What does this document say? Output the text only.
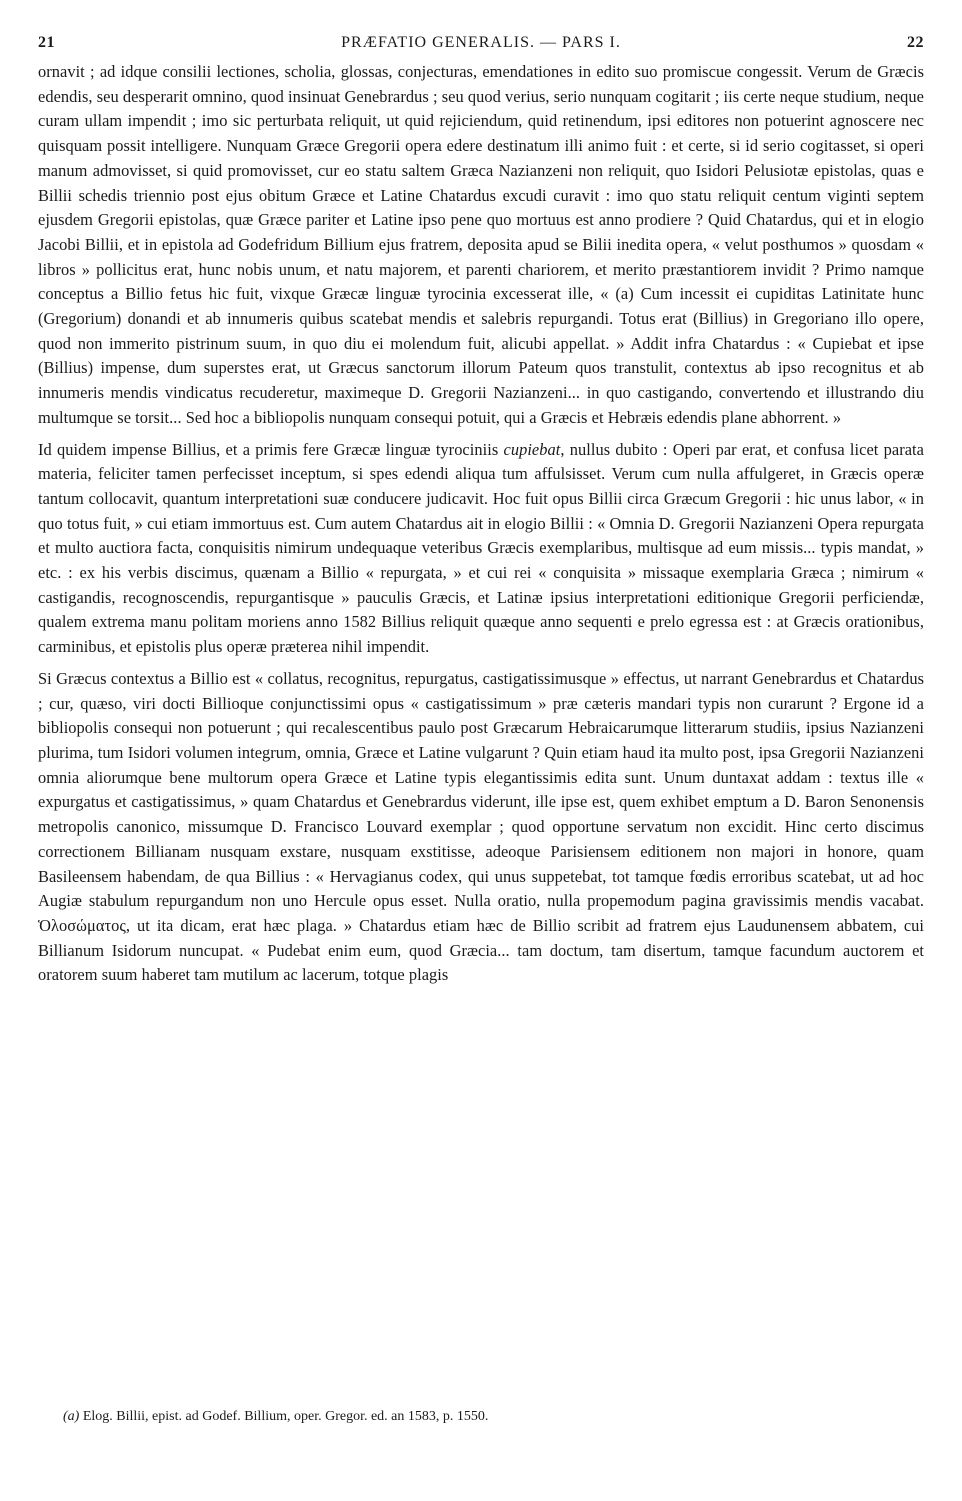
21	PRÆFATIO GENERALIS. — PARS I.	22

ornavit ; ad idque consilii lectiones, scholia, glossas, conjecturas, emendationes in edito suo promiscue congessit. Verum de Græcis edendis, seu desperarit omnino, quod insinuat Genebrardus ; seu quod verius, serio nunquam cogitarit ; iis certe neque studium, neque curam ullam impendit ; imo sic perturbata reliquit, ut quid rejiciendum, quid retinendum, ipsi editores non potuerint agnoscere nec quisquam possit intelligere. Nunquam Græce Gregorii opera edere destinatum illi animo fuit : et certe, si id serio cogitasset, si operi manum admovisset, si quid promovisset, cur eo statu saltem Græca Nazianzeni non reliquit, quo Isidori Pelusiotæ epistolas, quas e Billii schedis triennio post ejus obitum Græce et Latine Chatardus excudi curavit : imo quo statu reliquit centum viginti septem ejusdem Gregorii epistolas, quæ Græce pariter et Latine ipso pene quo mortuus est anno prodiere ? Quid Chatardus, qui et in elogio Jacobi Billii, et in epistola ad Godefridum Billium ejus fratrem, deposita apud se Bilii inedita opera, « velut posthumos » quosdam « libros » pollicitus erat, hunc nobis unum, et natu majorem, et parenti chariorem, et merito præstantiorem invidit ? Primo namque conceptus a Billio fetus hic fuit, vixque Græcæ linguæ tyrocinia excesserat ille, « (a) Cum incessit ei cupiditas Latinitate hunc (Gregorium) donandi et ab innumeris quibus scatebat mendis et salebris repurgandi. Totus erat (Billius) in Gregoriano illo opere, quod non immerito pistrinum suum, in quo diu ei molendum fuit, alicubi appellat. » Addit infra Chatardus : « Cupiebat et ipse (Billius) impense, dum superstes erat, ut Græcus sanctorum illorum Pateum quos transtulit, contextus ab ipso recognitus et ab innumeris mendis vindicatus recuderetur, maximeque D. Gregorii Nazianzeni... in quo castigando, convertendo et illustrando diu multumque se torsit... Sed hoc a bibliopolis nunquam consequi potuit, qui a Græcis et Hebræis edendis plane abhorrent. »

Id quidem impense Billius, et a primis fere Græcæ linguæ tyrociniis cupiebat, nullus dubito : Operi par erat, et confusa licet parata materia, feliciter tamen perfecisset inceptum, si spes edendi aliqua tum affulsisset. Verum cum nulla affulgeret, in Græcis operæ tantum collocavit, quantum interpretationi suæ conducere judicavit. Hoc fuit opus Billii circa Græcum Gregorii : hic unus labor, « in quo totus fuit, » cui etiam immortuus est. Cum autem Chatardus ait in elogio Billii : « Omnia D. Gregorii Nazianzeni Opera repurgata et multo auctiora facta, conquisitis nimirum undequaque veteribus Græcis exemplaribus, multisque ad eum missis... typis mandat, » etc. : ex his verbis discimus, quænam a Billio « repurgata, » et cui rei « conquisita » missaque exemplaria Græca ; nimirum « castigandis, recognoscendis, repurgantisque » pauculis Græcis, et Latinæ ipsius interpretationi editionique Gregorii perficiendæ, qualem extrema manu politam moriens anno 1582 Billius reliquit quæque anno sequenti e prelo egressa est : at Græcis orationibus, carminibus, et epistolis plus operæ præterea nihil impendit.

Si Græcus contextus a Billio est « collatus, recognitus, repurgatus, castigatissimusque » effectus, ut narrant Genebrardus et Chatardus ; cur, quæso, viri docti Billioque conjunctissimi opus « castigatissimum » præ cæteris mandari typis non curarunt ? Ergone id a bibliopolis consequi non potuerunt ; qui recalescentibus paulo post Græcarum Hebraicarumque litterarum studiis, ipsius Nazianzeni plurima, tum Isidori volumen integrum, omnia, Græce et Latine vulgarunt ? Quin etiam haud ita multo post, ipsa Gregorii Nazianzeni omnia aliorumque bene multorum opera Græce et Latine typis elegantissimis edita sunt. Unum duntaxat addam : textus ille « expurgatus et castigatissimus, » quam Chatardus et Genebrardus viderunt, ille ipse est, quem exhibet emptum a D. Baron Senonensis metropolis canonico, missumque D. Francisco Louvard exemplar ; quod opportune servatum non excidit. Hinc certo discimus correctionem Billianam nusquam exstare, nusquam exstitisse, adeoque Parisiensem editionem non majori in honore, quam Basileensem habendam, de qua Billius : « Hervagianus codex, qui unus suppetebat, tot tamque fœdis erroribus scatebat, ut ad hoc Augiæ stabulum repurgandum non uno Hercule opus esset. Nulla oratio, nulla propemodum pagina gravissimis mendis vacabat. Ὁλοσώματος, ut ita dicam, erat hæc plaga. » Chatardus etiam hæc de Billio scribit ad fratrem ejus Laudunensem abbatem, cui Billianum Isidorum nuncupat. « Pudebat enim eum, quod Græcia... tam doctum, tam disertum, tamque facundum auctorem et oratorem suum haberet tam mutilum ac lacerum, totque plagis

(a) Elog. Billii, epist. ad Godef. Billium, oper. Gregor. ed. an 1583, p. 1550.
